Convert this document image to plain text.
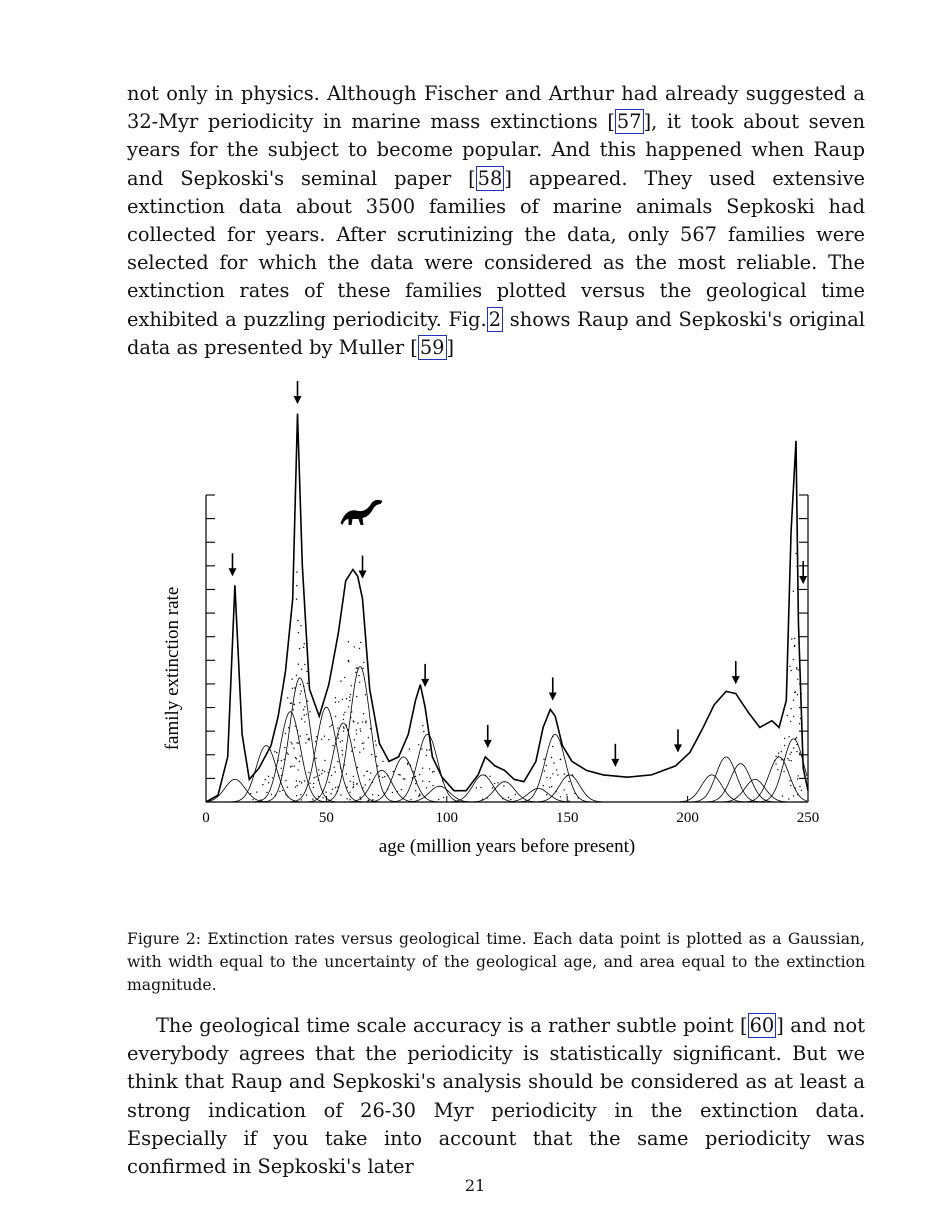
not only in physics. Although Fischer and Arthur had already suggested a 32-Myr periodicity in marine mass extinctions [ 57 ], it took about seven years for the subject to become popular. And this happened when Raup and Sepkoski's seminal paper [ 58 ] appeared. They used extensive extinction data about 3500 families of marine animals Sepkoski had collected for years. After scrutinizing the data, only 567 families were selected for which the data were considered as the most reliable. The extinction rates of these families plotted versus the geological time exhibited a puzzling periodicity. Fig. 2 shows Raup and Sepkoski's original data as presented by Muller [ 59 ]

0	50	100	150	200	250
age (million years before present)
family extinction rate

Figure 2: Extinction rates versus geological time. Each data point is plotted as a Gaussian, with width equal to the uncertainty of the geological age, and area equal to the extinction magnitude.

The geological time scale accuracy is a rather subtle point [ 60 ] and not everybody agrees that the periodicity is statistically significant. But we think that Raup and Sepkoski's analysis should be considered as at least a strong indication of 26-30 Myr periodicity in the extinction data. Especially if you take into account that the same periodicity was confirmed in Sepkoski's later

21
